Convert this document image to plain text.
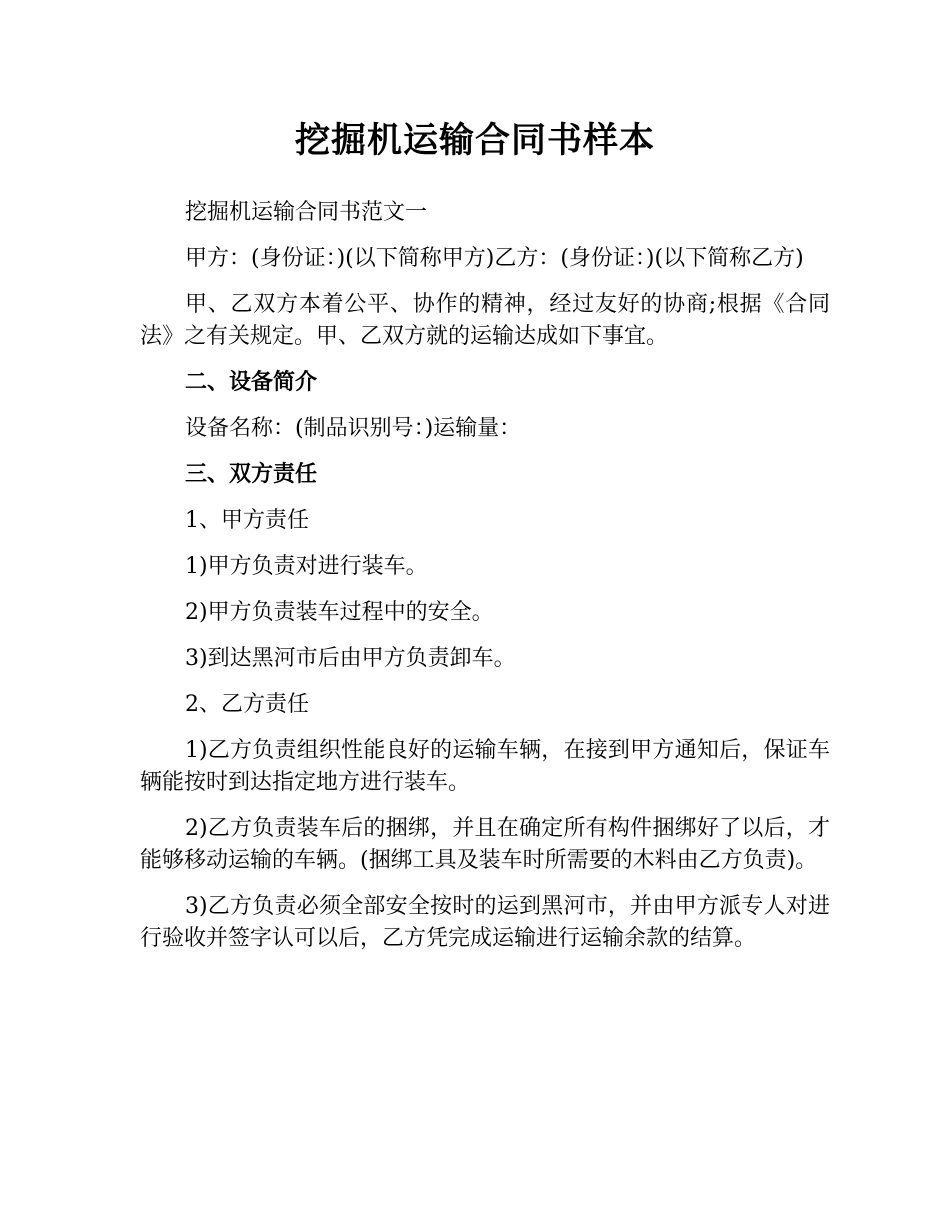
挖掘机运输合同书样本

挖掘机运输合同书范文一

甲方：(身份证：)(以下简称甲方)乙方：(身份证：)(以下简称乙方)

甲、乙双方本着公平、协作的精神，经过友好的协商;根据《合同法》之有关规定。甲、乙双方就的运输达成如下事宜。

二、设备简介

设备名称：(制品识别号：)运输量：

三、双方责任

1、甲方责任

1)甲方负责对进行装车。

2)甲方负责装车过程中的安全。

3)到达黑河市后由甲方负责卸车。

2、乙方责任

1)乙方负责组织性能良好的运输车辆，在接到甲方通知后，保证车辆能按时到达指定地方进行装车。

2)乙方负责装车后的捆绑，并且在确定所有构件捆绑好了以后，才能够移动运输的车辆。(捆绑工具及装车时所需要的木料由乙方负责)。

3)乙方负责必须全部安全按时的运到黑河市，并由甲方派专人对进行验收并签字认可以后，乙方凭完成运输进行运输余款的结算。
